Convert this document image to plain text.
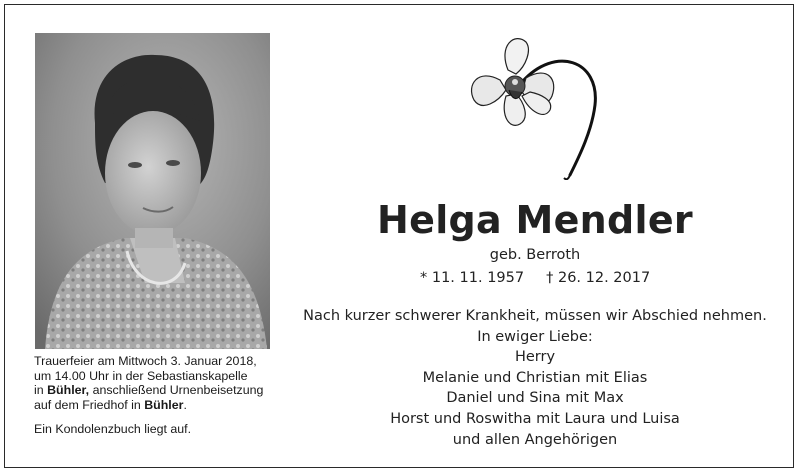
Trauerfeier am Mittwoch 3. Januar 2018,
um 14.00 Uhr in der Sebastianskapelle
in Bühler, anschließend Urnenbeisetzung
auf dem Friedhof in Bühler.
Ein Kondolenzbuch liegt auf.
Helga Mendler
geb. Berroth
* 11. 11. 1957 † 26. 12. 2017
Nach kurzer schwerer Krankheit, müssen wir Abschied nehmen.
In ewiger Liebe:
Herry
Melanie und Christian mit Elias
Daniel und Sina mit Max
Horst und Roswitha mit Laura und Luisa
und allen Angehörigen
